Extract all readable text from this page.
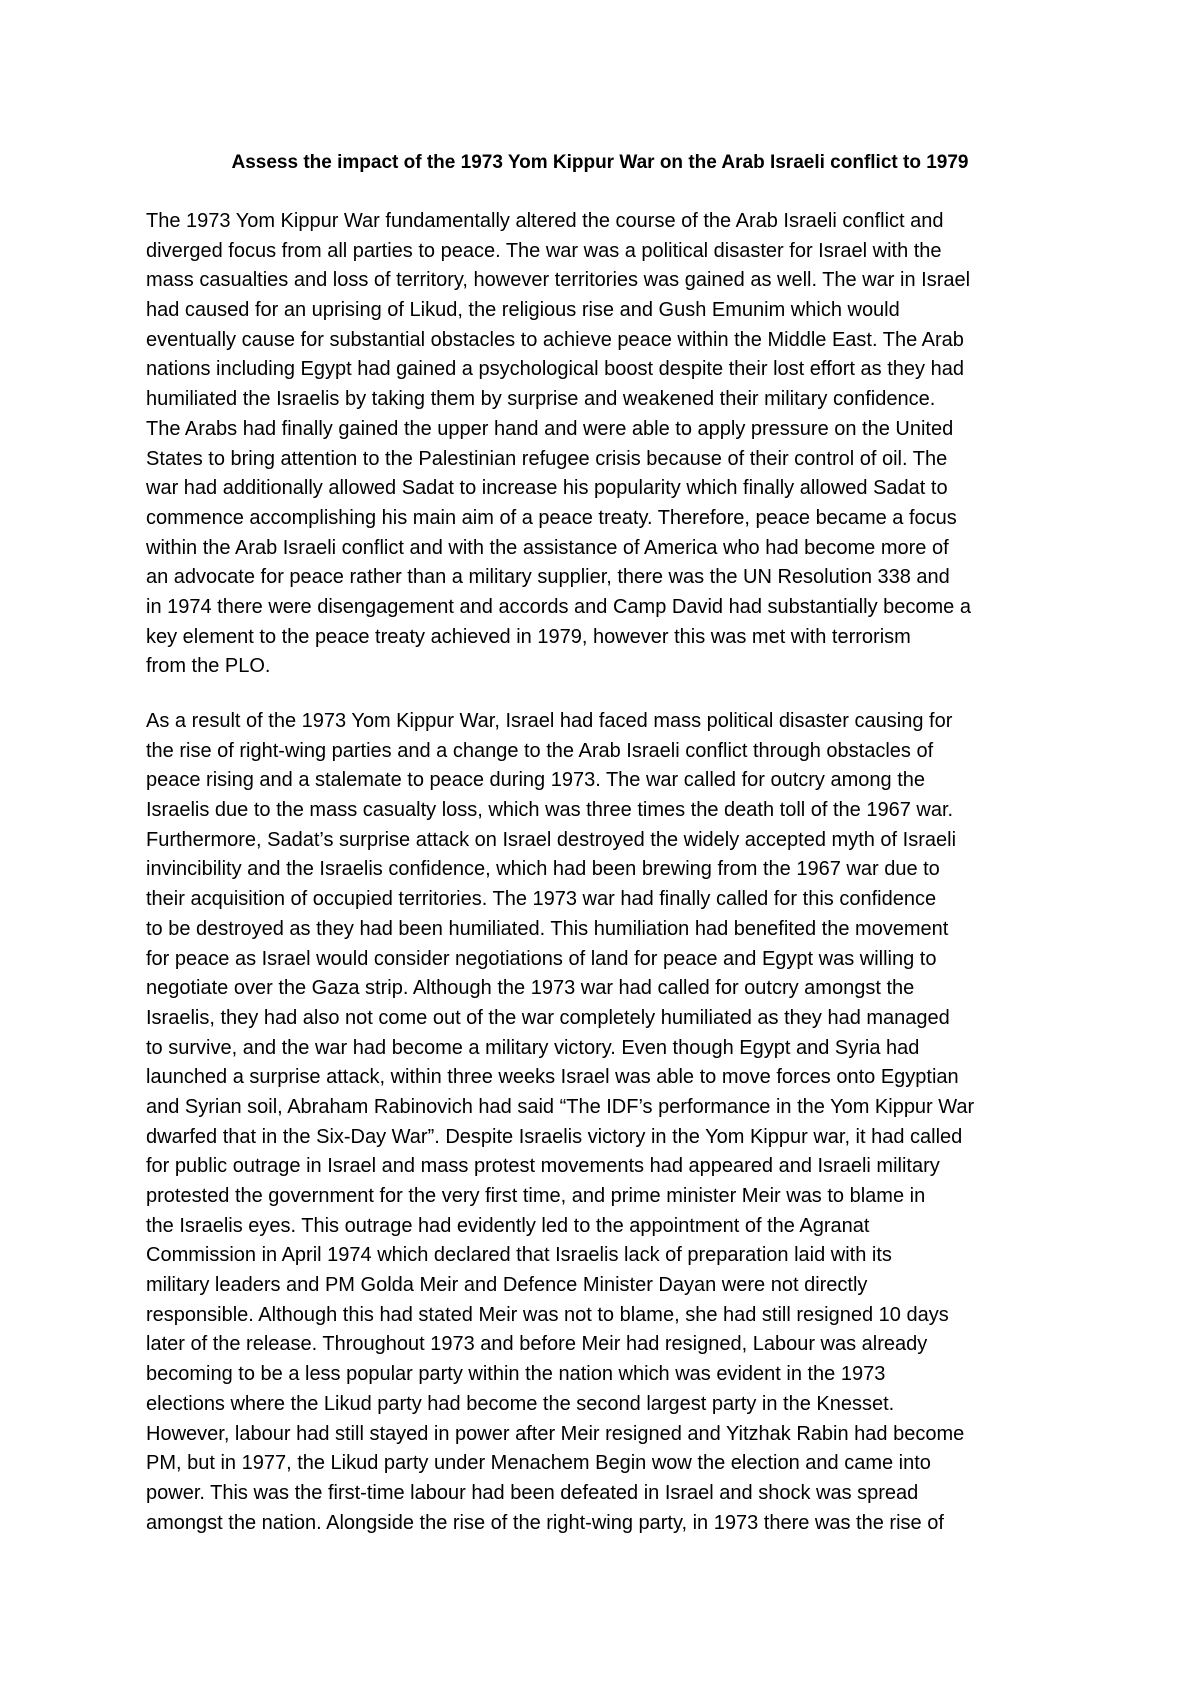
Assess the impact of the 1973 Yom Kippur War on the Arab Israeli conflict to 1979
The 1973 Yom Kippur War fundamentally altered the course of the Arab Israeli conflict and
diverged focus from all parties to peace. The war was a political disaster for Israel with the
mass casualties and loss of territory, however territories was gained as well. The war in Israel
had caused for an uprising of Likud, the religious rise and Gush Emunim which would
eventually cause for substantial obstacles to achieve peace within the Middle East. The Arab
nations including Egypt had gained a psychological boost despite their lost effort as they had
humiliated the Israelis by taking them by surprise and weakened their military confidence.
The Arabs had finally gained the upper hand and were able to apply pressure on the United
States to bring attention to the Palestinian refugee crisis because of their control of oil. The
war had additionally allowed Sadat to increase his popularity which finally allowed Sadat to
commence accomplishing his main aim of a peace treaty. Therefore, peace became a focus
within the Arab Israeli conflict and with the assistance of America who had become more of
an advocate for peace rather than a military supplier, there was the UN Resolution 338 and
in 1974 there were disengagement and accords and Camp David had substantially become a
key element to the peace treaty achieved in 1979, however this was met with terrorism
from the PLO.
As a result of the 1973 Yom Kippur War, Israel had faced mass political disaster causing for
the rise of right-wing parties and a change to the Arab Israeli conflict through obstacles of
peace rising and a stalemate to peace during 1973. The war called for outcry among the
Israelis due to the mass casualty loss, which was three times the death toll of the 1967 war.
Furthermore, Sadat’s surprise attack on Israel destroyed the widely accepted myth of Israeli
invincibility and the Israelis confidence, which had been brewing from the 1967 war due to
their acquisition of occupied territories. The 1973 war had finally called for this confidence
to be destroyed as they had been humiliated. This humiliation had benefited the movement
for peace as Israel would consider negotiations of land for peace and Egypt was willing to
negotiate over the Gaza strip. Although the 1973 war had called for outcry amongst the
Israelis, they had also not come out of the war completely humiliated as they had managed
to survive, and the war had become a military victory. Even though Egypt and Syria had
launched a surprise attack, within three weeks Israel was able to move forces onto Egyptian
and Syrian soil, Abraham Rabinovich had said “The IDF’s performance in the Yom Kippur War
dwarfed that in the Six-Day War”. Despite Israelis victory in the Yom Kippur war, it had called
for public outrage in Israel and mass protest movements had appeared and Israeli military
protested the government for the very first time, and prime minister Meir was to blame in
the Israelis eyes. This outrage had evidently led to the appointment of the Agranat
Commission in April 1974 which declared that Israelis lack of preparation laid with its
military leaders and PM Golda Meir and Defence Minister Dayan were not directly
responsible. Although this had stated Meir was not to blame, she had still resigned 10 days
later of the release. Throughout 1973 and before Meir had resigned, Labour was already
becoming to be a less popular party within the nation which was evident in the 1973
elections where the Likud party had become the second largest party in the Knesset.
However, labour had still stayed in power after Meir resigned and Yitzhak Rabin had become
PM, but in 1977, the Likud party under Menachem Begin wow the election and came into
power. This was the first-time labour had been defeated in Israel and shock was spread
amongst the nation. Alongside the rise of the right-wing party, in 1973 there was the rise of
